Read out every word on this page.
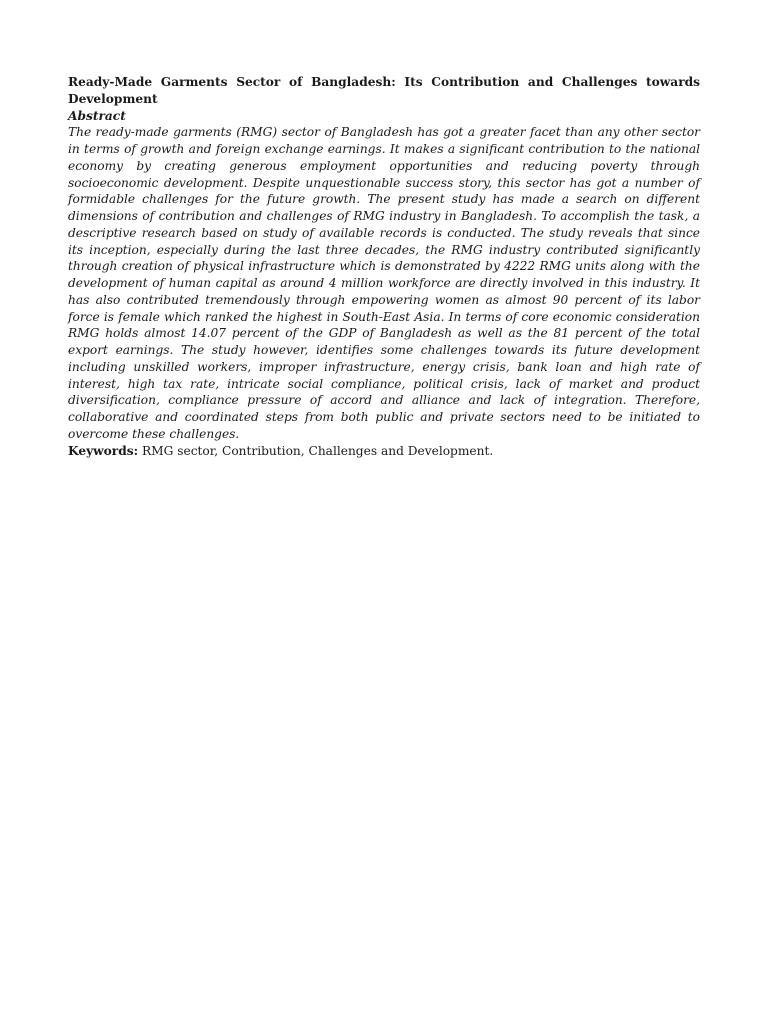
Ready-Made Garments Sector of Bangladesh: Its Contribution and Challenges towards Development

Abstract

The ready-made garments (RMG) sector of Bangladesh has got a greater facet than any other sector in terms of growth and foreign exchange earnings. It makes a significant contribution to the national economy by creating generous employment opportunities and reducing poverty through socioeconomic development. Despite unquestionable success story, this sector has got a number of formidable challenges for the future growth. The present study has made a search on different dimensions of contribution and challenges of RMG industry in Bangladesh. To accomplish the task, a descriptive research based on study of available records is conducted. The study reveals that since its inception, especially during the last three decades, the RMG industry contributed significantly through creation of physical infrastructure which is demonstrated by 4222 RMG units along with the development of human capital as around 4 million workforce are directly involved in this industry. It has also contributed tremendously through empowering women as almost 90 percent of its labor force is female which ranked the highest in South-East Asia. In terms of core economic consideration RMG holds almost 14.07 percent of the GDP of Bangladesh as well as the 81 percent of the total export earnings. The study however, identifies some challenges towards its future development including unskilled workers, improper infrastructure, energy crisis, bank loan and high rate of interest, high tax rate, intricate social compliance, political crisis, lack of market and product diversification, compliance pressure of accord and alliance and lack of integration. Therefore, collaborative and coordinated steps from both public and private sectors need to be initiated to overcome these challenges.

Keywords: RMG sector, Contribution, Challenges and Development.
